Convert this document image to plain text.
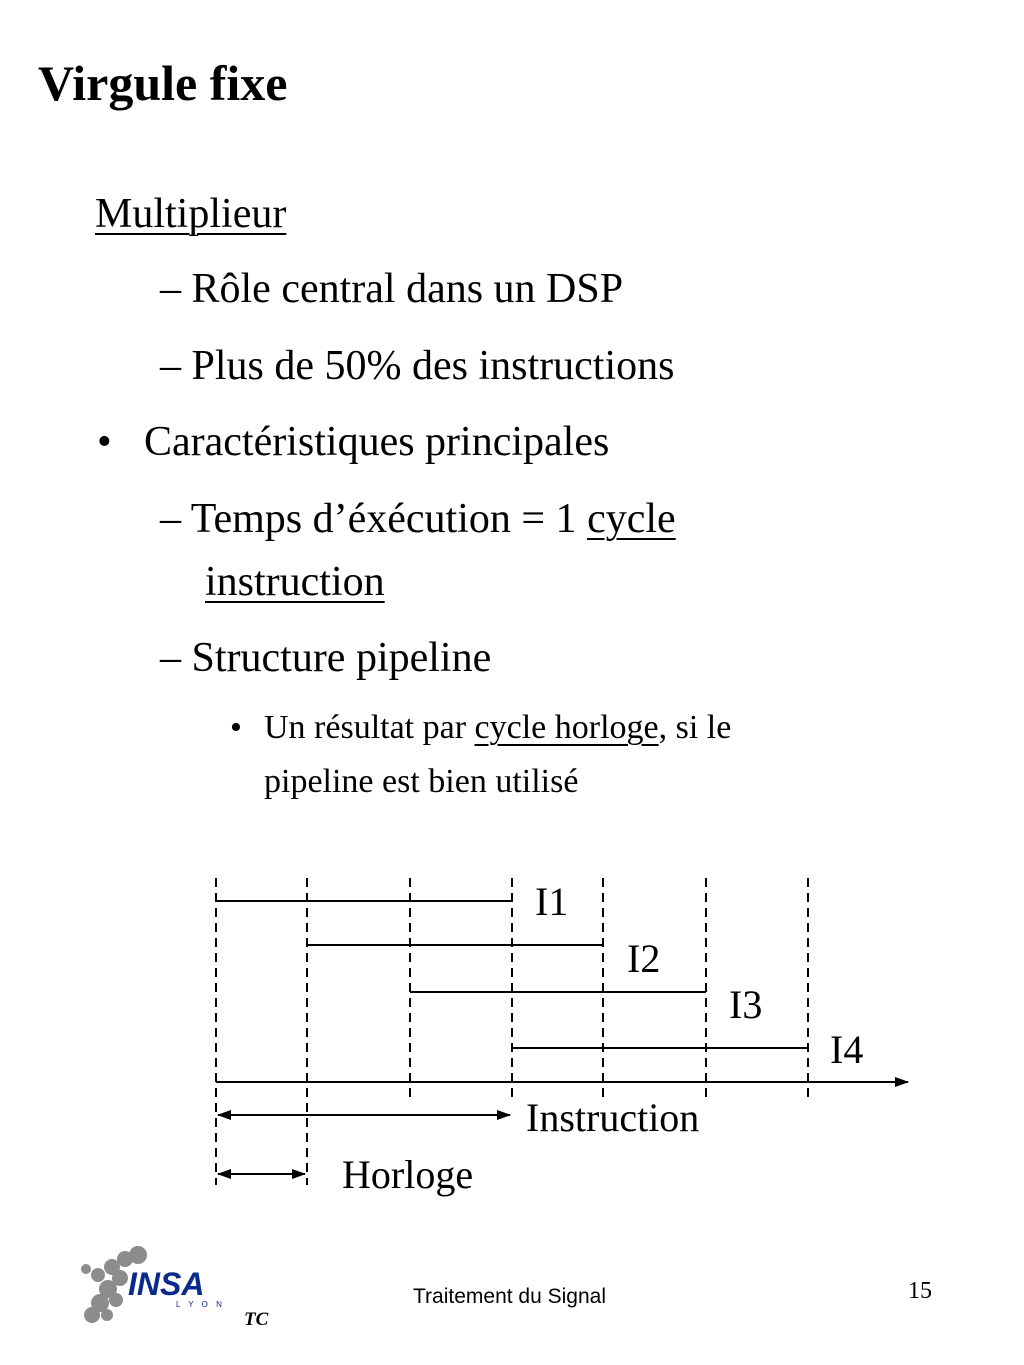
Virgule fixe
Multiplieur
– Rôle central dans un DSP
– Plus de 50% des instructions
• Caractéristiques principales
– Temps d’éxécution = 1 cycle
instruction
– Structure pipeline
• Un résultat par cycle horloge, si le
pipeline est bien utilisé
I1
I2
I3
I4
Instruction
Horloge
INSA
L Y O N
TC
Traitement du Signal	15
